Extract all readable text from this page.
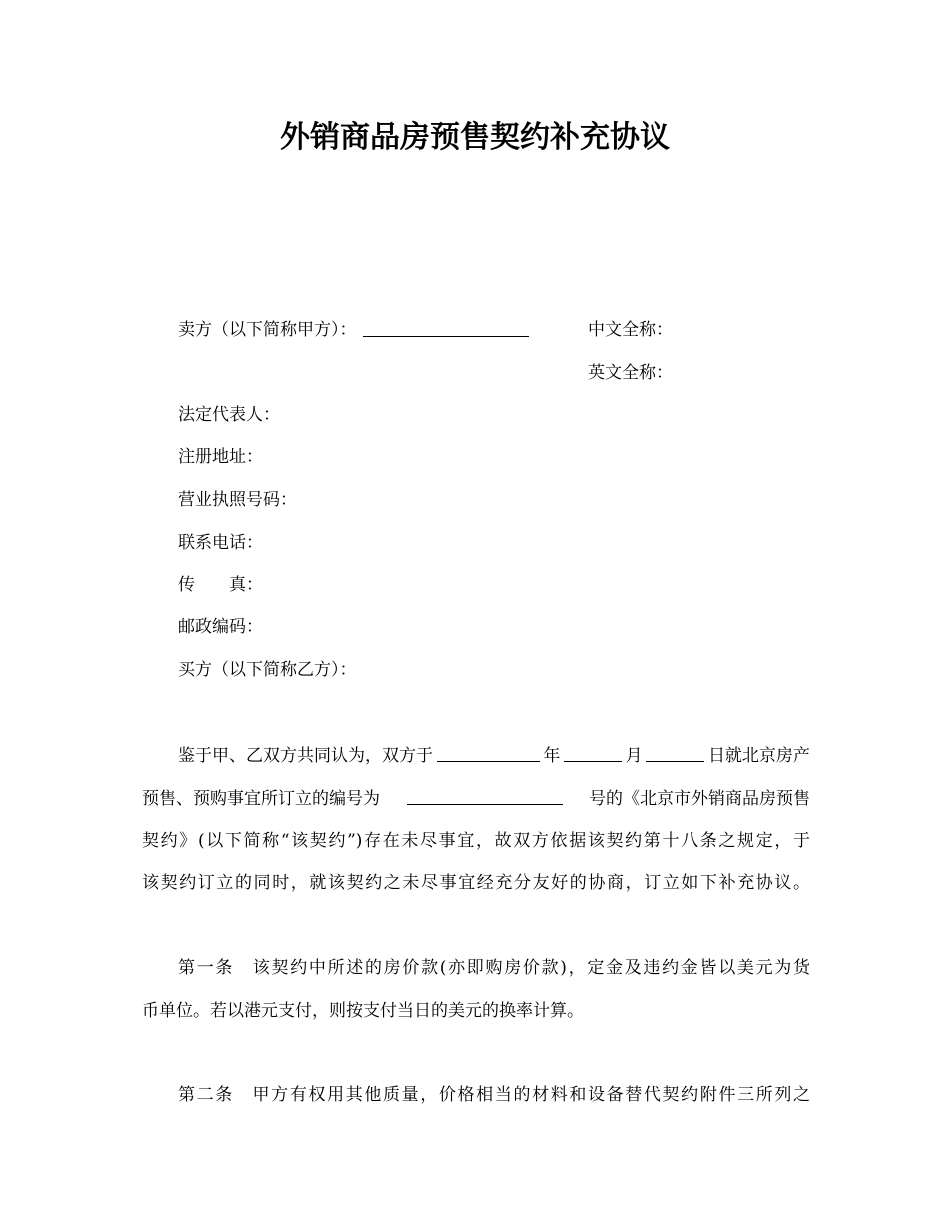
外销商品房预售契约补充协议
卖方（以下简称甲方）：	中文全称：
英文全称：
法定代表人：
注册地址：
营业执照号码：
联系电话：
传　　真：
邮政编码：
买方（以下简称乙方）：
鉴于甲、乙双方共同认为，双方于	年	月	日就北京房产
预售、预购事宜所订立的编号为	号的《北京市外销商品房预售
契约》(以下简称“该契约”)存在未尽事宜，故双方依据该契约第十八条之规定，于
该契约订立的同时，就该契约之未尽事宜经充分友好的协商，订立如下补充协议。
第一条　该契约中所述的房价款(亦即购房价款)，定金及违约金皆以美元为货
币单位。若以港元支付，则按支付当日的美元的换率计算。
第二条　甲方有权用其他质量，价格相当的材料和设备替代契约附件三所列之
